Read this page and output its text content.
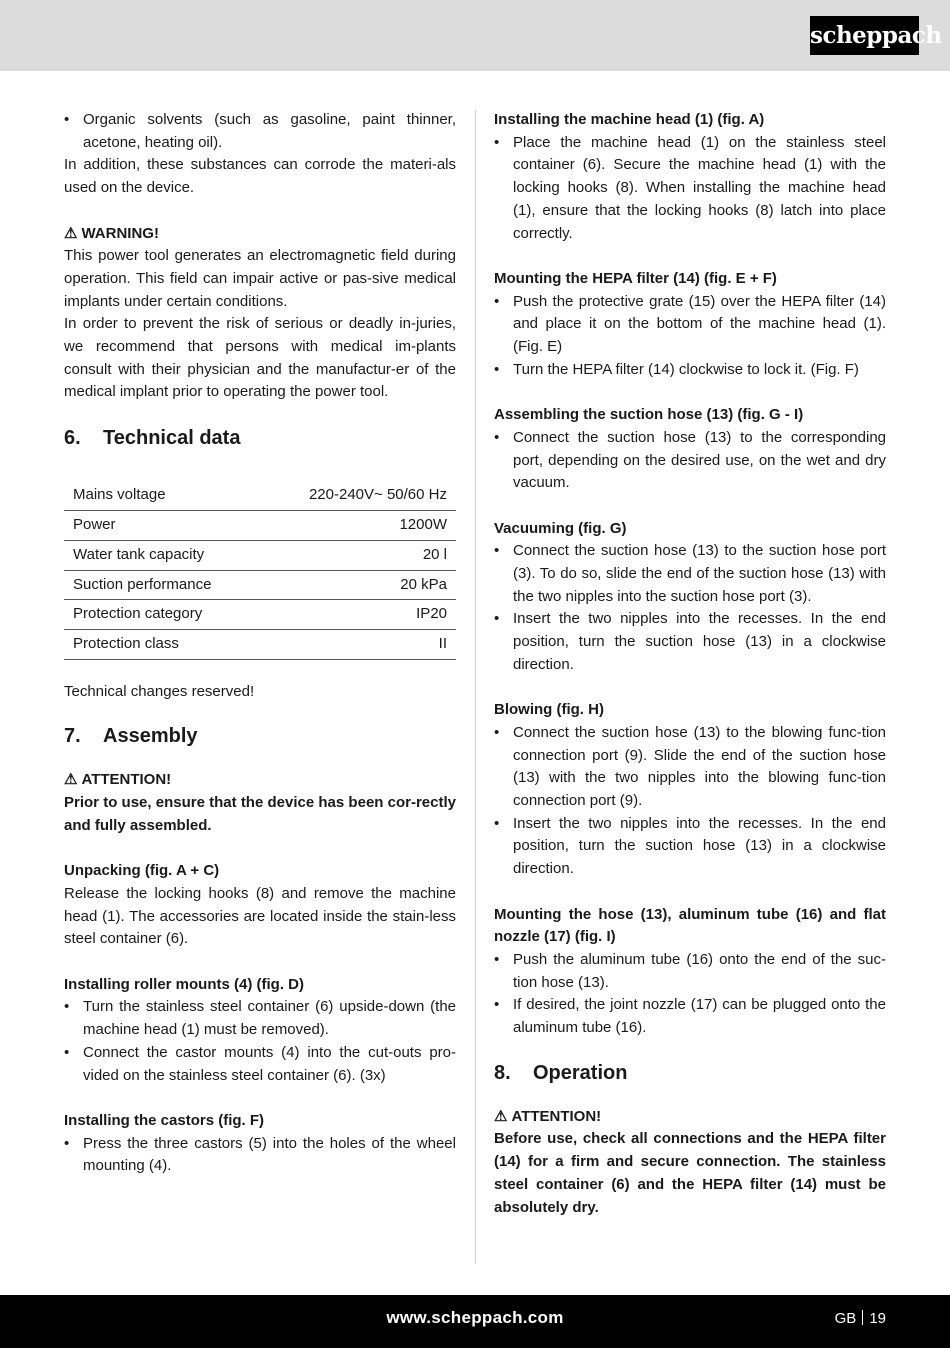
scheppach
• Organic solvents (such as gasoline, paint thinner, acetone, heating oil).

In addition, these substances can corrode the materi-als used on the device.

⚠ WARNING!

This power tool generates an electromagnetic field during operation. This field can impair active or pas-sive medical implants under certain conditions.

In order to prevent the risk of serious or deadly in-juries, we recommend that persons with medical im-plants consult with their physician and the manufactur-er of the medical implant prior to operating the power tool.

6.	Technical data
Mains voltage	220-240V~ 50/60 Hz
Power	1200W
Water tank capacity	20 l
Suction performance	20 kPa
Protection category	IP20
Protection class	II

Technical changes reserved!

7.	Assembly

⚠ ATTENTION!

Prior to use, ensure that the device has been cor-rectly and fully assembled.

Unpacking (fig. A + C)

Release the locking hooks (8) and remove the machine head (1). The accessories are located inside the stain-less steel container (6).

Installing roller mounts (4) (fig. D)

• Turn the stainless steel container (6) upside-down (the machine head (1) must be removed).
• Connect the castor mounts (4) into the cut-outs pro-vided on the stainless steel container (6). (3x)

Installing the castors (fig. F)

• Press the three castors (5) into the holes of the wheel mounting (4).

Installing the machine head (1) (fig. A)

• Place the machine head (1) on the stainless steel container (6). Secure the machine head (1) with the locking hooks (8). When installing the machine head (1), ensure that the locking hooks (8) latch into place correctly.

Mounting the HEPA filter (14) (fig. E + F)

• Push the protective grate (15) over the HEPA filter (14) and place it on the bottom of the machine head (1). (Fig. E)
• Turn the HEPA filter (14) clockwise to lock it. (Fig. F)

Assembling the suction hose (13) (fig. G - I)

• Connect the suction hose (13) to the corresponding port, depending on the desired use, on the wet and dry vacuum.

Vacuuming (fig. G)

• Connect the suction hose (13) to the suction hose port (3). To do so, slide the end of the suction hose (13) with the two nipples into the suction hose port (3).
• Insert the two nipples into the recesses. In the end position, turn the suction hose (13) in a clockwise direction.

Blowing (fig. H)

• Connect the suction hose (13) to the blowing func-tion connection port (9). Slide the end of the suction hose (13) with the two nipples into the blowing func-tion connection port (9).
• Insert the two nipples into the recesses. In the end position, turn the suction hose (13) in a clockwise direction.

Mounting the hose (13), aluminum tube (16) and flat nozzle (17) (fig. I)

• Push the aluminum tube (16) onto the end of the suc-tion hose (13).
• If desired, the joint nozzle (17) can be plugged onto the aluminum tube (16).
8.	Operation

⚠ ATTENTION!

Before use, check all connections and the HEPA filter (14) for a firm and secure connection. The stainless steel container (6) and the HEPA filter (14) must be absolutely dry.

www.scheppach.com	GB 19
